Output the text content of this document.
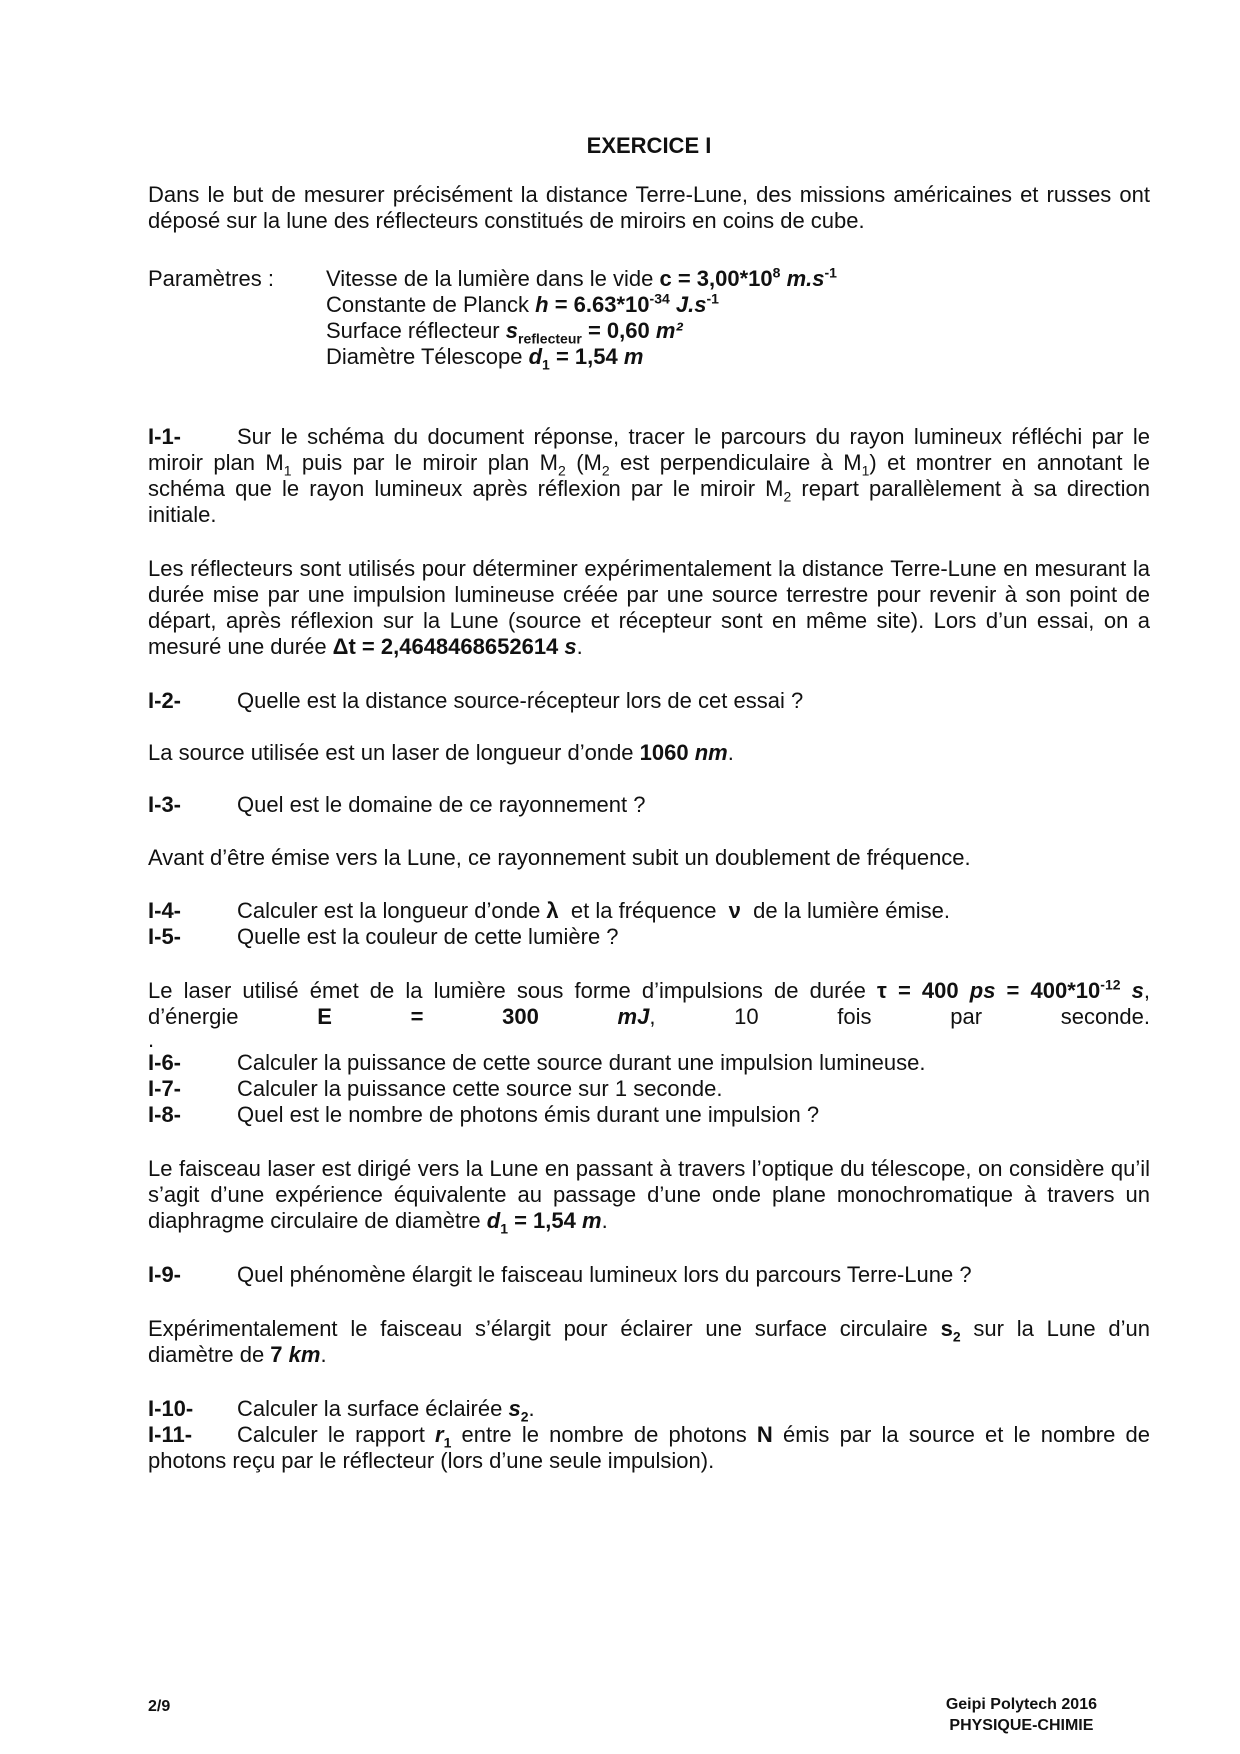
EXERCICE I
Dans le but de mesurer précisément la distance Terre-Lune, des missions américaines et russes ont déposé sur la lune des réflecteurs constitués de miroirs en coins de cube.
Paramètres : Vitesse de la lumière dans le vide $c = 3,00*10^8$ $m.s^{-1}$
Constante de Planck $h = 6.63*10^{-34}$ $J.s^{-1}$
Surface réflecteur $s_{reflecteur} = 0,60$ m²
Diamètre Télescope $d_1 = 1,54$ m
I-1-	Sur le schéma du document réponse, tracer le parcours du rayon lumineux réfléchi par le miroir plan $M_1$ puis par le miroir plan $M_2$ ($M_2$ est perpendiculaire à $M_1$) et montrer en annotant le schéma que le rayon lumineux après réflexion par le miroir $M_2$ repart parallèlement à sa direction initiale.
Les réflecteurs sont utilisés pour déterminer expérimentalement la distance Terre-Lune en mesurant la durée mise par une impulsion lumineuse créée par une source terrestre pour revenir à son point de départ, après réflexion sur la Lune (source et récepteur sont en même site). Lors d’un essai, on a mesuré une durée Δt = 2,4648468652614 s.
I-2-	Quelle est la distance source-récepteur lors de cet essai ?
La source utilisée est un laser de longueur d’onde 1060 nm.
I-3-	Quel est le domaine de ce rayonnement ?
Avant d’être émise vers la Lune, ce rayonnement subit un doublement de fréquence.
I-4-	Calculer est la longueur d’onde λ  et la fréquence  ν  de la lumière émise.
I-5-	Quelle est la couleur de cette lumière ?
Le laser utilisé émet de la lumière sous forme d’impulsions de durée τ = 400 ps = $400*10^{-12}$ s, d’énergie E = 300 mJ, 10 fois par seconde.
.
I-6-	Calculer la puissance de cette source durant une impulsion lumineuse.
I-7-	Calculer la puissance cette source sur 1 seconde.
I-8-	Quel est le nombre de photons émis durant une impulsion ?
Le faisceau laser est dirigé vers la Lune en passant à travers l’optique du télescope, on considère qu’il s’agit d’une expérience équivalente au passage d’une onde plane monochromatique à travers un diaphragme circulaire de diamètre $d_1 = 1,54$ m.
I-9-	Quel phénomène élargit le faisceau lumineux lors du parcours Terre-Lune ?
Expérimentalement le faisceau s’élargit pour éclairer une surface circulaire $s_2$ sur la Lune d’un diamètre de 7 km.
I-10- Calculer la surface éclairée $s_2$.
I-11- Calculer le rapport $r_1$ entre le nombre de photons N émis par la source et le nombre de photons reçu par le réflecteur (lors d’une seule impulsion).
2/9	Geipi Polytech 2016
PHYSIQUE-CHIMIE
